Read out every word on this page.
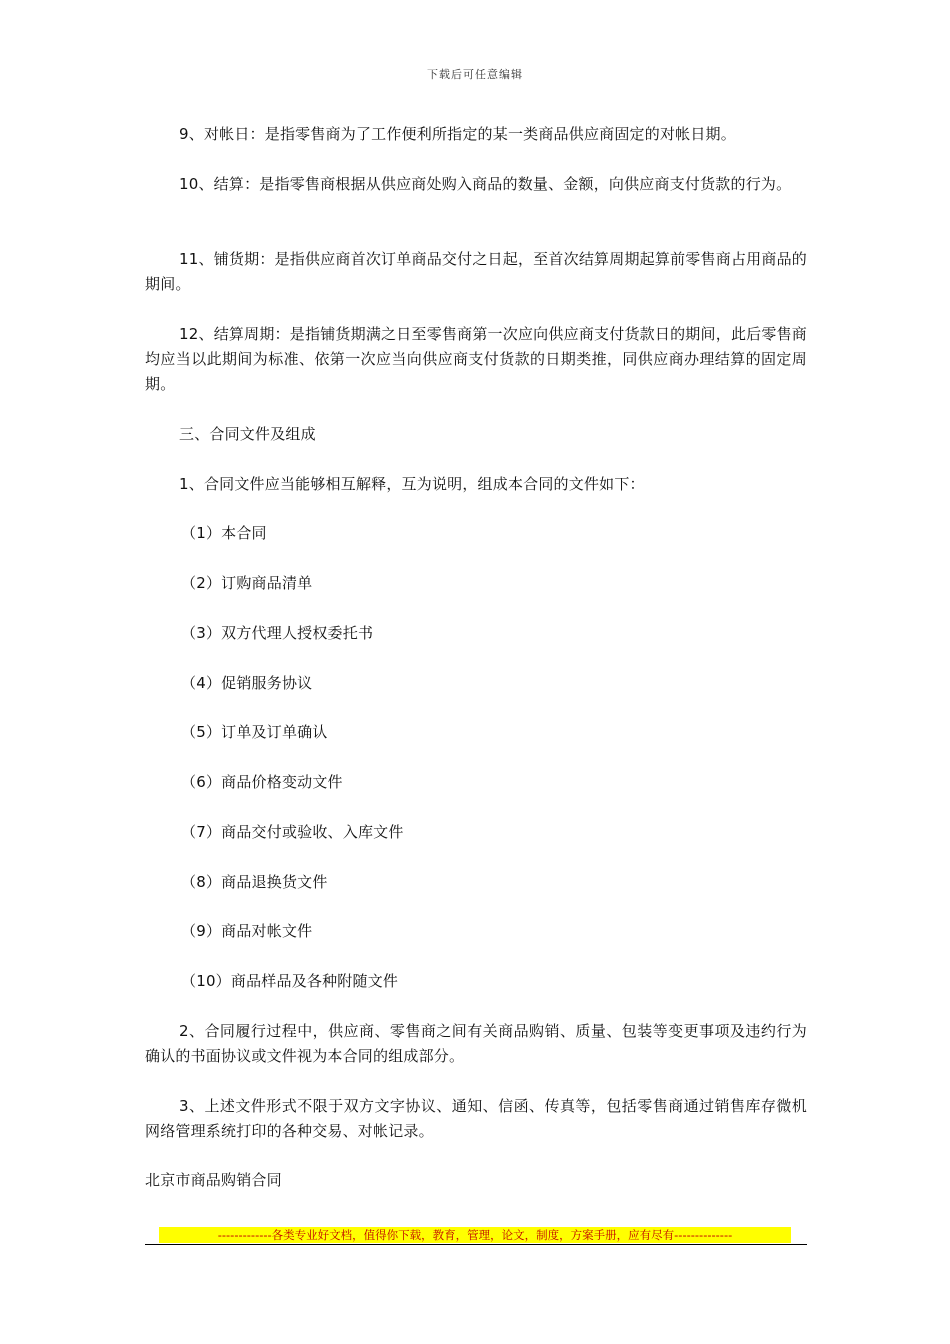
下载后可任意编辑

9、对帐日：是指零售商为了工作便利所指定的某一类商品供应商固定的对帐日期。

10、结算：是指零售商根据从供应商处购入商品的数量、金额，向供应商支付货款的行为。

11、铺货期：是指供应商首次订单商品交付之日起，至首次结算周期起算前零售商占用商品的期间。

12、结算周期：是指铺货期满之日至零售商第一次应向供应商支付货款日的期间，此后零售商均应当以此期间为标准、依第一次应当向供应商支付货款的日期类推，同供应商办理结算的固定周期。

三、合同文件及组成

1、合同文件应当能够相互解释，互为说明，组成本合同的文件如下：

（1）本合同

（2）订购商品清单

（3）双方代理人授权委托书

（4）促销服务协议

（5）订单及订单确认

（6）商品价格变动文件

（7）商品交付或验收、入库文件

（8）商品退换货文件

（9）商品对帐文件

（10）商品样品及各种附随文件

2、合同履行过程中，供应商、零售商之间有关商品购销、质量、包装等变更事项及违约行为确认的书面协议或文件视为本合同的组成部分。

3、上述文件形式不限于双方文字协议、通知、信函、传真等，包括零售商通过销售库存微机网络管理系统打印的各种交易、对帐记录。

北京市商品购销合同

-------------各类专业好文档，值得你下载，教育，管理，论文，制度，方案手册，应有尽有--------------
